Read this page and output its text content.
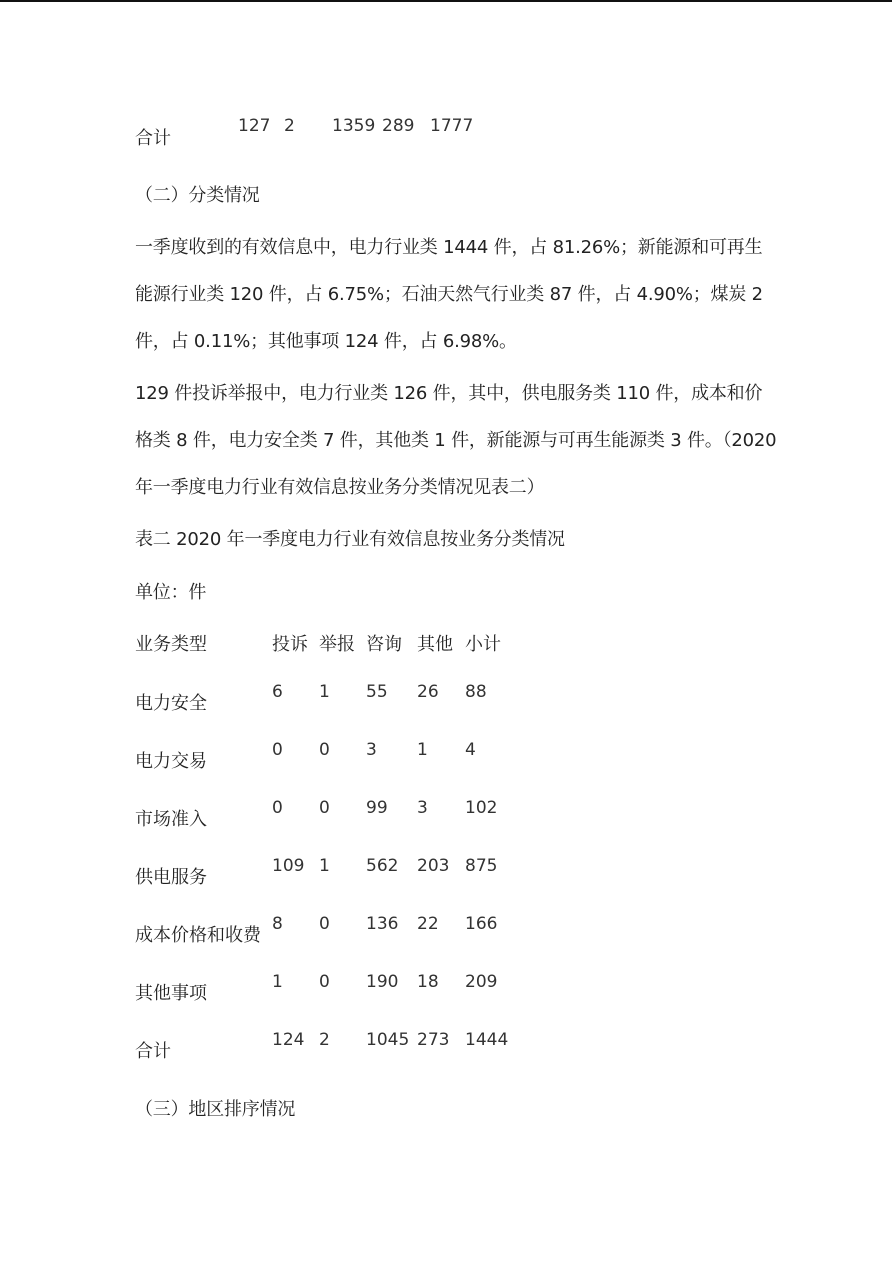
合计
127 2 1359 289 1777
（二）分类情况
一季度收到的有效信息中，电力行业类 1444 件，占 81.26%；新能源和可再生
能源行业类 120 件，占 6.75%；石油天然气行业类 87 件，占 4.90%；煤炭 2
件，占 0.11%；其他事项 124 件，占 6.98%。
129 件投诉举报中，电力行业类 126 件，其中，供电服务类 110 件，成本和价
格类 8 件，电力安全类 7 件，其他类 1 件，新能源与可再生能源类 3 件。（2020
年一季度电力行业有效信息按业务分类情况见表二）
表二 2020 年一季度电力行业有效信息按业务分类情况
单位：件
业务类型	投诉 举报 咨询 其他 小计
电力安全
6 1 55 26 88
电力交易
0 0 3 1 4
市场准入
0 0 99 3 102
供电服务
109 1 562 203 875
成本价格和收费
8 0 136 22 166
其他事项
1 0 190 18 209
合计
124 2 1045 273 1444
（三）地区排序情况
